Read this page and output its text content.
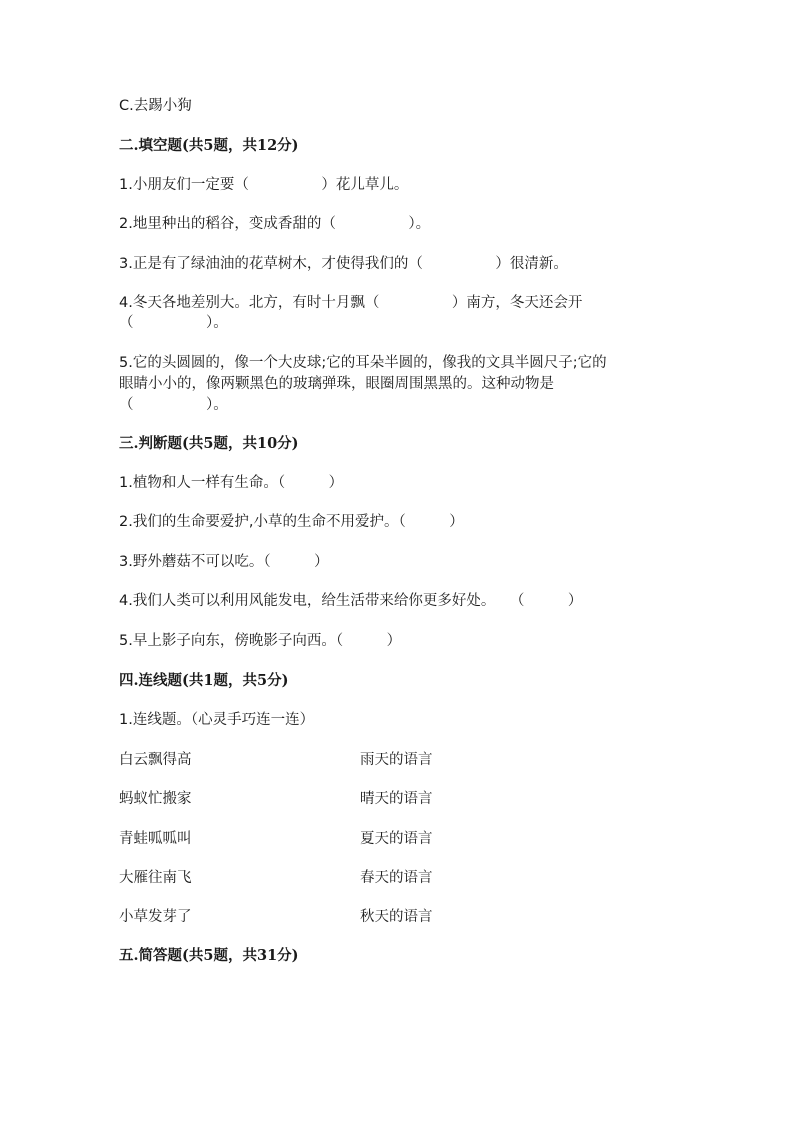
C.去踢小狗
二.填空题(共5题，共12分)
1.小朋友们一定要（　　　　　）花儿草儿。
2.地里种出的稻谷，变成香甜的（　　　　　）。
3.正是有了绿油油的花草树木，才使得我们的（　　　　　）很清新。
4.冬天各地差别大。北方，有时十月飘（　　　　　）南方，冬天还会开
（　　　　　）。
5.它的头圆圆的，像一个大皮球;它的耳朵半圆的，像我的文具半圆尺子;它的
眼睛小小的，像两颗黑色的玻璃弹珠，眼圈周围黑黑的。这种动物是
（　　　　　）。
三.判断题(共5题，共10分)
1.植物和人一样有生命。（　　　）
2.我们的生命要爱护,小草的生命不用爱护。（　　　）
3.野外蘑菇不可以吃。（　　　）
4.我们人类可以利用风能发电，给生活带来给你更多好处。　　（　　　）
5.早上影子向东，傍晚影子向西。（　　　）
四.连线题(共1题，共5分)
1.连线题。（心灵手巧连一连）
白云飘得高	雨天的语言
蚂蚁忙搬家	晴天的语言
青蛙呱呱叫	夏天的语言
大雁往南飞	春天的语言
小草发芽了	秋天的语言
五.简答题(共5题，共31分)
